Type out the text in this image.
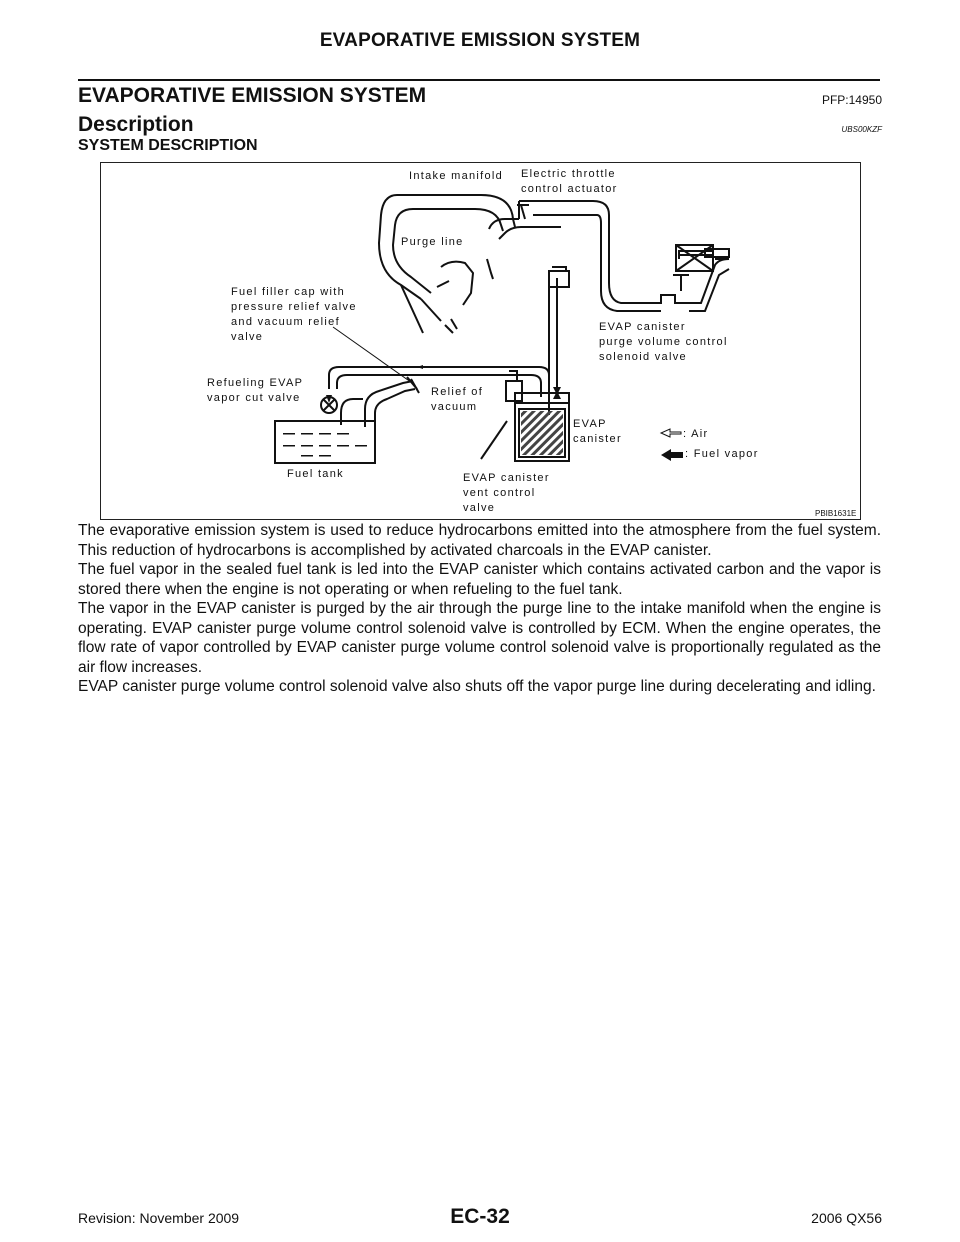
EVAPORATIVE EMISSION SYSTEM
EVAPORATIVE EMISSION SYSTEM	PFP:14950
Description	UBS00KZF
SYSTEM DESCRIPTION
Intake manifold Electric throttle
control actuator
Purge line
Fuel filler cap with
pressure relief valve
and vacuum relief
valve
EVAP canister
purge volume control
solenoid valve
Refueling EVAP
vapor cut valve	Relief of
vacuum
EVAP
canister
Fuel tank	EVAP canister
vent control
valve
: Air
: Fuel vapor
PBIB1631E

The evaporative emission system is used to reduce hydrocarbons emitted into the atmosphere from the fuel system. This reduction of hydrocarbons is accomplished by activated charcoals in the EVAP canister.

The fuel vapor in the sealed fuel tank is led into the EVAP canister which contains activated carbon and the vapor is stored there when the engine is not operating or when refueling to the fuel tank.

The vapor in the EVAP canister is purged by the air through the purge line to the intake manifold when the engine is operating. EVAP canister purge volume control solenoid valve is controlled by ECM. When the engine operates, the flow rate of vapor controlled by EVAP canister purge volume control solenoid valve is proportionally regulated as the air flow increases.

EVAP canister purge volume control solenoid valve also shuts off the vapor purge line during decelerating and idling.

EC-32
Revision: November 2009	2006 QX56
